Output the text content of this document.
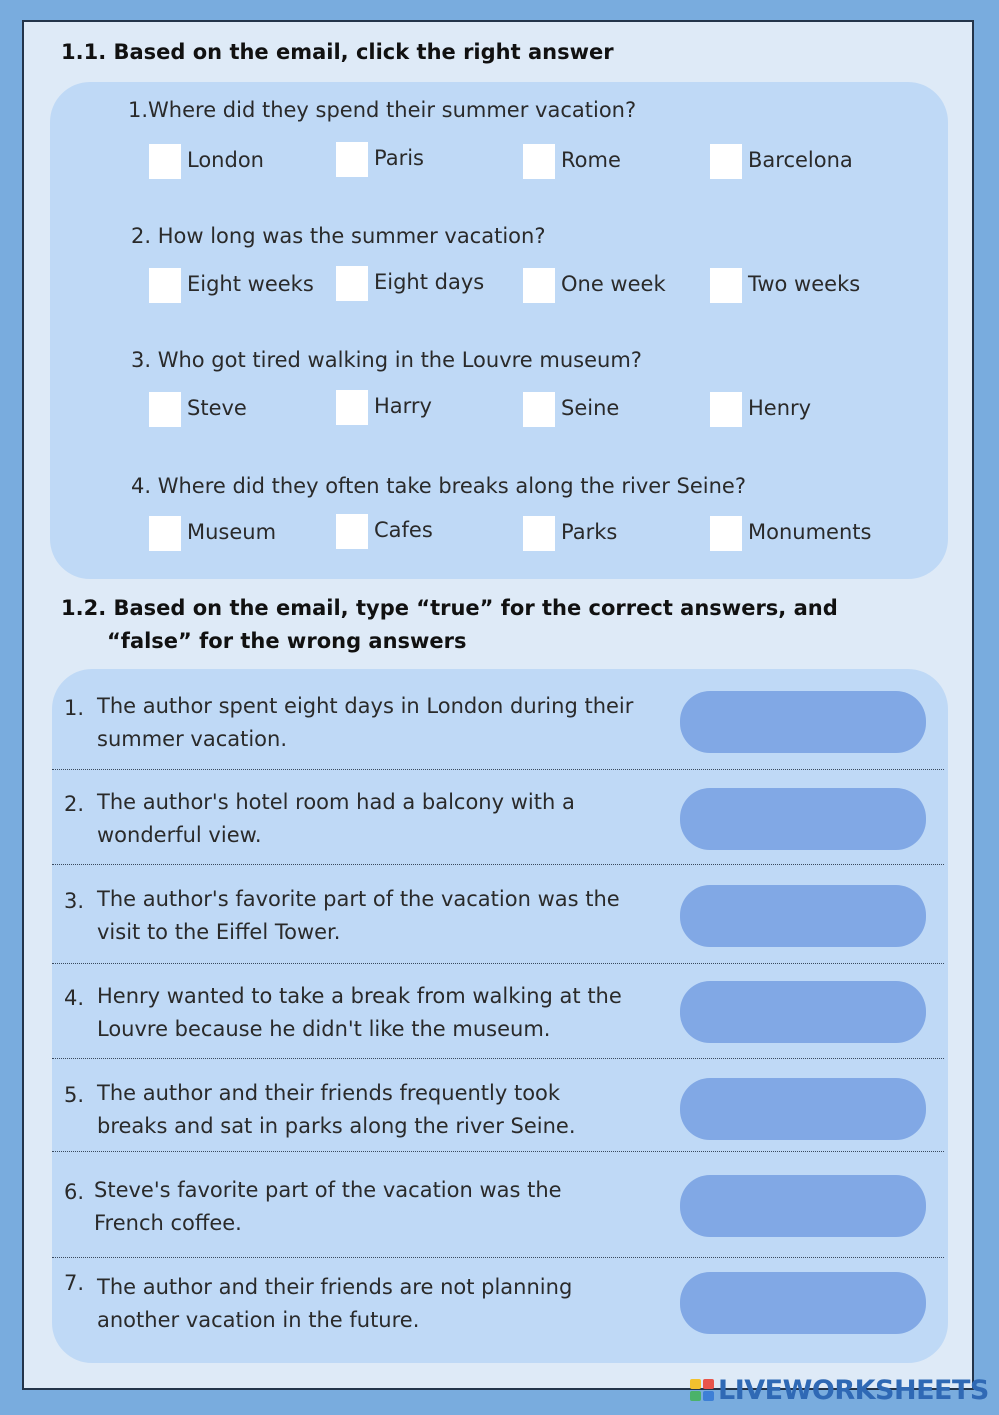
1.1. Based on the email, click the right answer
1.Where did they spend their summer vacation?
London	Paris	Rome	Barcelona
2. How long was the summer vacation?
Eight weeks	Eight days	One week	Two weeks
3. Who got tired walking in the Louvre museum?
Steve	Harry	Seine	Henry
4. Where did they often take breaks along the river Seine?
Museum	Cafes	Parks	Monuments
1.2. Based on the email, type “true” for the correct answers, and
“false” for the wrong answers
1. The author spent eight days in London during their
summer vacation.
2. The author's hotel room had a balcony with a
wonderful view.
3. The author's favorite part of the vacation was the
visit to the Eiffel Tower.
4. Henry wanted to take a break from walking at the
Louvre because he didn't like the museum.
5. The author and their friends frequently took
breaks and sat in parks along the river Seine.
6. Steve's favorite part of the vacation was the
French coffee.
7. The author and their friends are not planning
another vacation in the future.
LIVEWORKSHEETS
